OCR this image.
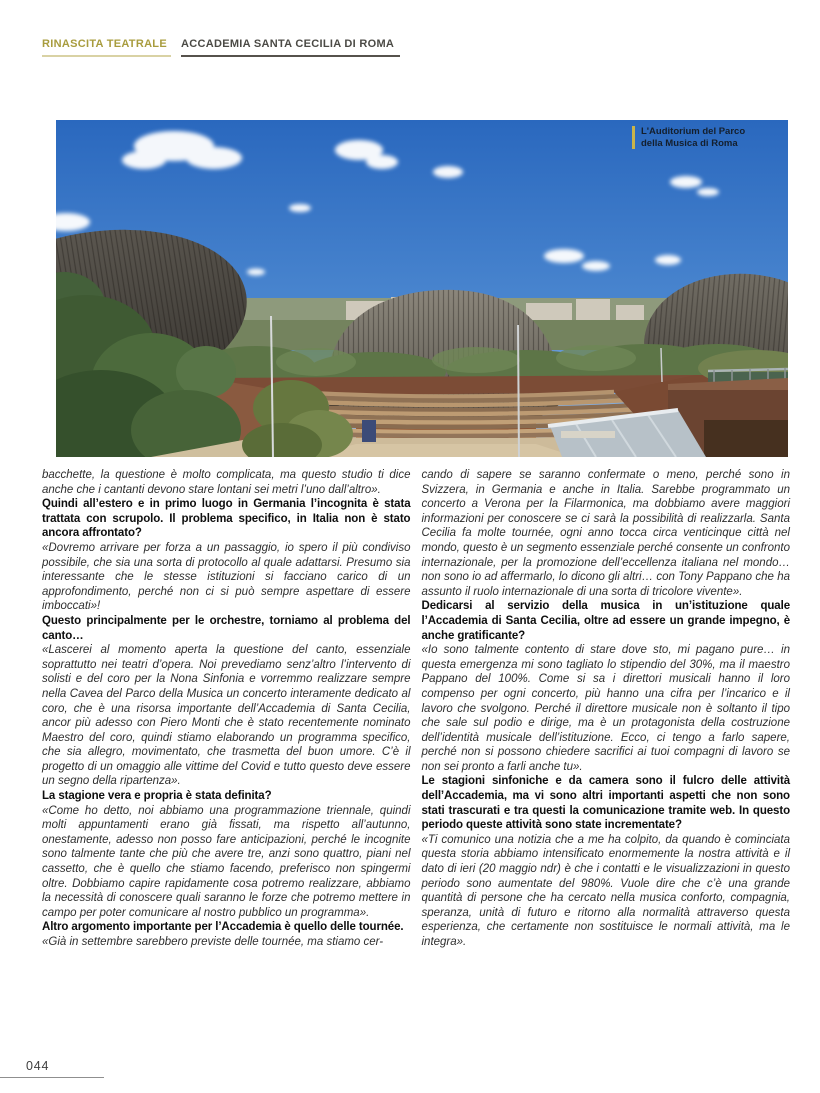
RINASCITA TEATRALE ACCADEMIA SANTA CECILIA DI ROMA
L'Auditorium del Parco della Musica di Roma

bacchette, la questione è molto complicata, ma questo studio ti dice anche che i cantanti devono stare lontani sei metri l’uno dall’altro».

Quindi all’estero e in primo luogo in Germania l’incognita è stata trattata con scrupolo. Il problema specifico, in Italia non è stato ancora affrontato?

«Dovremo arrivare per forza a un passaggio, io spero il più condiviso possibile, che sia una sorta di protocollo al quale adattarsi. Presumo sia interessante che le stesse istituzioni si facciano carico di un approfondimento, perché non ci si può sempre aspettare di essere imboccati»!

Questo principalmente per le orchestre, torniamo al problema del canto…

«Lascerei al momento aperta la questione del canto, essenziale soprattutto nei teatri d’opera. Noi prevediamo senz’altro l’intervento di solisti e del coro per la Nona Sinfonia e vorremmo realizzare sempre nella Cavea del Parco della Musica un concerto interamente dedicato al coro, che è una risorsa importante dell’Accademia di Santa Cecilia, ancor più adesso con Piero Monti che è stato recentemente nominato Maestro del coro, quindi stiamo elaborando un programma specifico, che sia allegro, movimentato, che trasmetta del buon umore. C’è il progetto di un omaggio alle vittime del Covid e tutto questo deve essere un segno della ripartenza».

La stagione vera e propria è stata definita?

«Come ho detto, noi abbiamo una programmazione triennale, quindi molti appuntamenti erano già fissati, ma rispetto all’autunno, onestamente, adesso non posso fare anticipazioni, perché le incognite sono talmente tante che più che avere tre, anzi sono quattro, piani nel cassetto, che è quello che stiamo facendo, preferisco non spingermi oltre. Dobbiamo capire rapidamente cosa potremo realizzare, abbiamo la necessità di conoscere quali saranno le forze che potremo mettere in campo per poter comunicare al nostro pubblico un programma».

Altro argomento importante per l’Accademia è quello delle tournée.

«Già in settembre sarebbero previste delle tournée, ma stiamo cer-

cando di sapere se saranno confermate o meno, perché sono in Svizzera, in Germania e anche in Italia. Sarebbe programmato un concerto a Verona per la Filarmonica, ma dobbiamo avere maggiori informazioni per conoscere se ci sarà la possibilità di realizzarla. Santa Cecilia fa molte tournée, ogni anno tocca circa venticinque città nel mondo, questo è un segmento essenziale perché consente un confronto internazionale, per la promozione dell’eccellenza italiana nel mondo… non sono io ad affermarlo, lo dicono gli altri… con Tony Pappano che ha assunto il ruolo internazionale di una sorta di tricolore vivente».

Dedicarsi al servizio della musica in un’istituzione quale l’Accademia di Santa Cecilia, oltre ad essere un grande impegno, è anche gratificante?

«Io sono talmente contento di stare dove sto, mi pagano pure… in questa emergenza mi sono tagliato lo stipendio del 30%, ma il maestro Pappano del 100%. Come si sa i direttori musicali hanno il loro compenso per ogni concerto, più hanno una cifra per l’incarico e il lavoro che svolgono. Perché il direttore musicale non è soltanto il tipo che sale sul podio e dirige, ma è un protagonista della costruzione dell’identità musicale dell’istituzione. Ecco, ci tengo a farlo sapere, perché non si possono chiedere sacrifici ai tuoi compagni di lavoro se non sei pronto a farli anche tu».

Le stagioni sinfoniche e da camera sono il fulcro delle attività dell’Accademia, ma vi sono altri importanti aspetti che non sono stati trascurati e tra questi la comunicazione tramite web. In questo periodo queste attività sono state incrementate?

«Ti comunico una notizia che a me ha colpito, da quando è cominciata questa storia abbiamo intensificato enormemente la nostra attività e il dato di ieri (20 maggio ndr) è che i contatti e le visualizzazioni in questo periodo sono aumentate del 980%. Vuole dire che c’è una grande quantità di persone che ha cercato nella musica conforto, compagnia, speranza, unità di futuro e ritorno alla normalità attraverso questa esperienza, che certamente non sostituisce le normali attività, ma le integra».

044
